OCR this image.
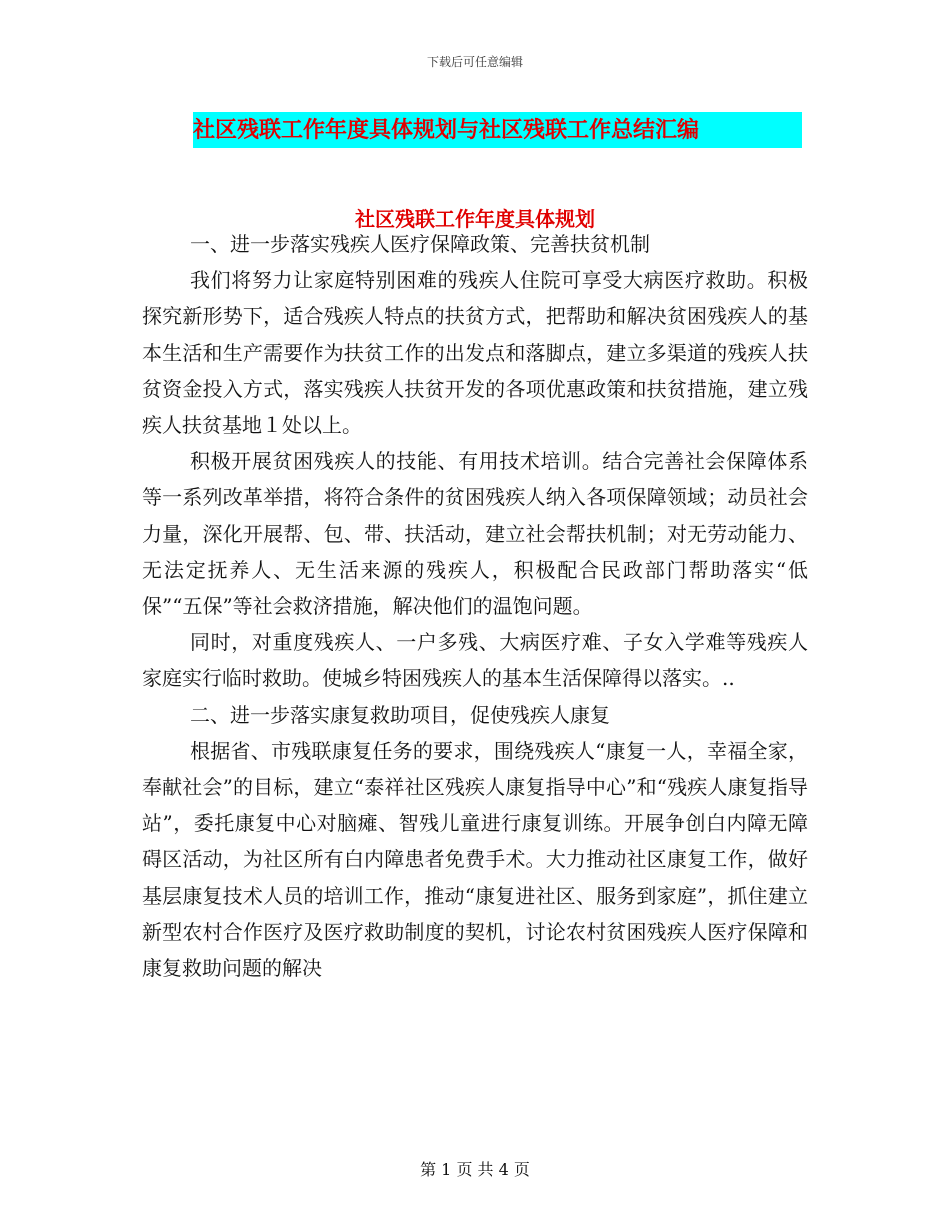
下载后可任意编辑
社区残联工作年度具体规划与社区残联工作总结汇编
社区残联工作年度具体规划

一、进一步落实残疾人医疗保障政策、完善扶贫机制

我们将努力让家庭特别困难的残疾人住院可享受大病医疗救助。积极探究新形势下，适合残疾人特点的扶贫方式，把帮助和解决贫困残疾人的基本生活和生产需要作为扶贫工作的出发点和落脚点，建立多渠道的残疾人扶贫资金投入方式，落实残疾人扶贫开发的各项优惠政策和扶贫措施，建立残疾人扶贫基地１处以上。

积极开展贫困残疾人的技能、有用技术培训。结合完善社会保障体系等一系列改革举措，将符合条件的贫困残疾人纳入各项保障领域；动员社会力量，深化开展帮、包、带、扶活动，建立社会帮扶机制；对无劳动能力、无法定抚养人、无生活来源的残疾人，积极配合民政部门帮助落实“低保”“五保”等社会救济措施，解决他们的温饱问题。

同时，对重度残疾人、一户多残、大病医疗难、子女入学难等残疾人家庭实行临时救助。使城乡特困残疾人的基本生活保障得以落实。..

二、进一步落实康复救助项目，促使残疾人康复

根据省、市残联康复任务的要求，围绕残疾人“康复一人，幸福全家，奉献社会”的目标，建立“泰祥社区残疾人康复指导中心”和“残疾人康复指导站”，委托康复中心对脑瘫、智残儿童进行康复训练。开展争创白内障无障碍区活动，为社区所有白内障患者免费手术。大力推动社区康复工作，做好基层康复技术人员的培训工作，推动“康复进社区、服务到家庭”，抓住建立新型农村合作医疗及医疗救助制度的契机，讨论农村贫困残疾人医疗保障和康复救助问题的解决

第 1 页 共 4 页
